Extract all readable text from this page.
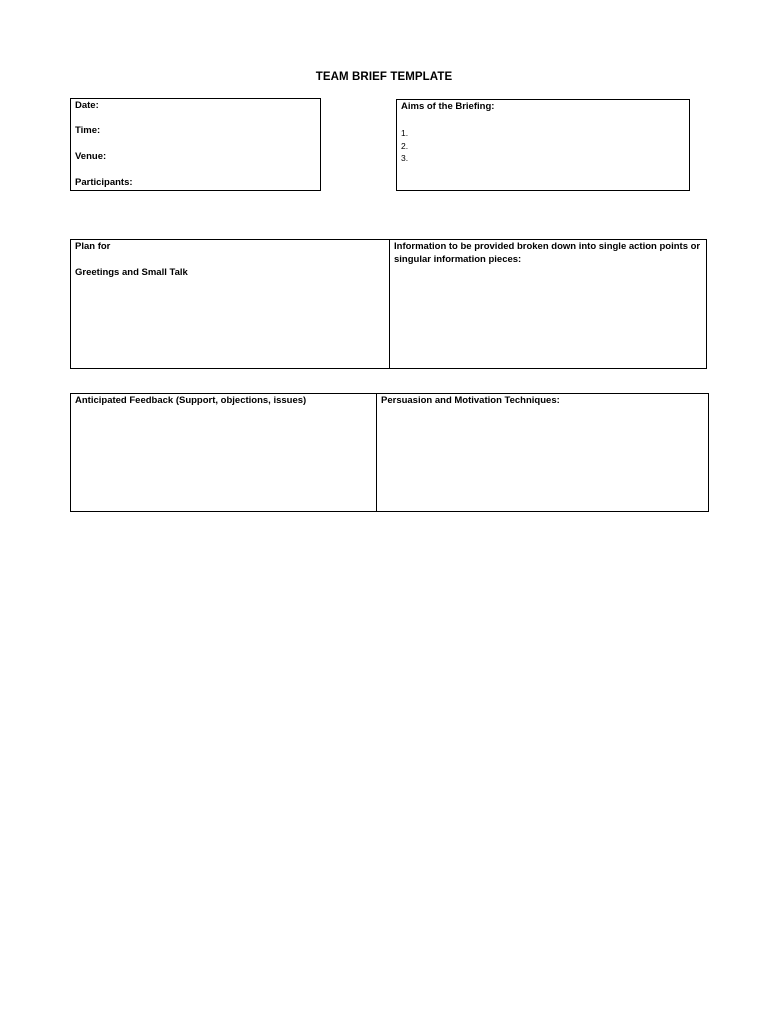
TEAM BRIEF TEMPLATE
Date:
Time:
Venue:
Participants:
Aims of the Briefing:
1.
2.
3.
Plan for
Greetings and Small Talk
Information to be provided broken down into single action points or singular information pieces:
Anticipated Feedback (Support, objections, issues)	Persuasion and Motivation Techniques:
